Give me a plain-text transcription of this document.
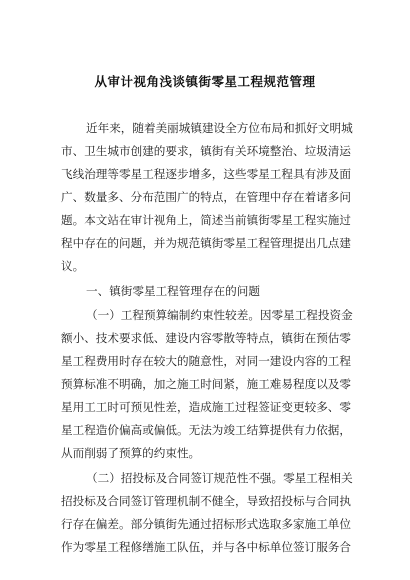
从审计视角浅谈镇街零星工程规范管理
近年来，随着美丽城镇建设全方位布局和抓好文明城
市、卫生城市创建的要求，镇街有关环境整治、垃圾清运
飞线治理等零星工程逐步增多，这些零星工程具有涉及面
广、数量多、分布范围广的特点，在管理中存在着诸多问
题。本文站在审计视角上，简述当前镇街零星工程实施过
程中存在的问题，并为规范镇街零星工程管理提出几点建
议。
一、镇街零星工程管理存在的问题
（一）工程预算编制约束性较差。因零星工程投资金
额小、技术要求低、建设内容零散等特点，镇街在预估零
星工程费用时存在较大的随意性，对同一建设内容的工程
预算标准不明确，加之施工时间紧，施工难易程度以及零
星用工工时可预见性差，造成施工过程签证变更较多、零
星工程造价偏高或偏低。无法为竣工结算提供有力依据，
从而削弱了预算的约束性。
（二）招投标及合同签订规范性不强。零星工程相关
招投标及合同签订管理机制不健全，导致招投标与合同执
行存在偏差。部分镇街先通过招标形式选取多家施工单位
作为零星工程修缮施工队伍，并与各中标单位签订服务合
